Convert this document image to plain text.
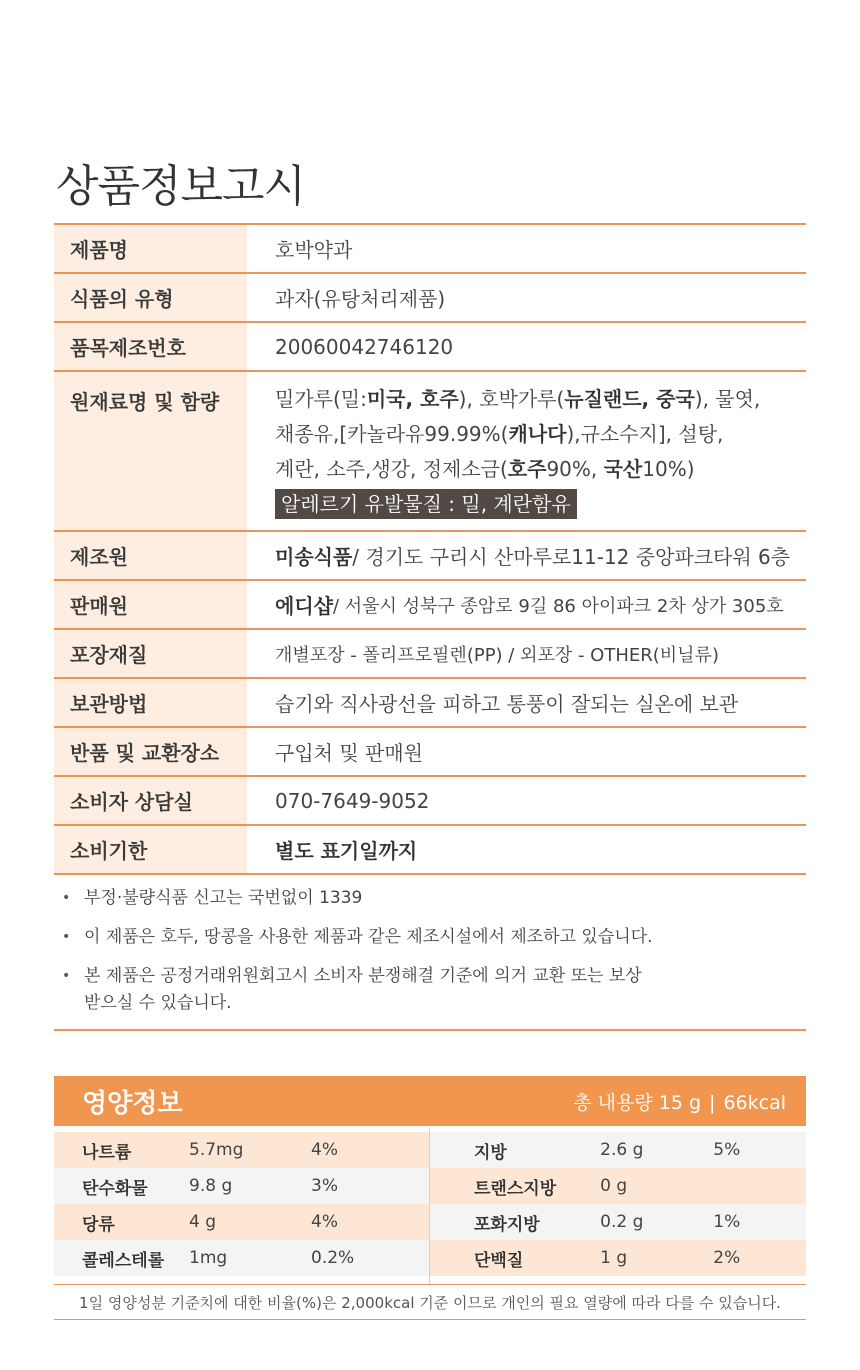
상품정보고시
제품명	호박약과
식품의 유형	과자(유탕처리제품)
품목제조번호	20060042746120
원재료명 및 함량	밀가루(밀:미국, 호주), 호박가루(뉴질랜드, 중국), 물엿,
채종유,[카놀라유99.99%(캐나다),규소수지], 설탕,
계란, 소주,생강, 정제소금(호주90%, 국산10%)
알레르기 유발물질 : 밀, 계란함유
제조원	미송식품 / 경기도 구리시 산마루로11-12 중앙파크타워 6층
판매원	에디샵 / 서울시 성북구 종암로 9길 86 아이파크 2차 상가 305호
포장재질	개별포장 - 폴리프로필렌(PP) / 외포장 - OTHER(비닐류)
보관방법	습기와 직사광선을 피하고 통풍이 잘되는 실온에 보관
반품 및 교환장소	구입처 및 판매원
소비자 상담실	070-7649-9052
소비기한	별도 표기일까지
• 부정·불량식품 신고는 국번없이 1339
• 이 제품은 호두, 땅콩을 사용한 제품과 같은 제조시설에서 제조하고 있습니다.
• 본 제품은 공정거래위원회고시 소비자 분쟁해결 기준에 의거 교환 또는 보상
받으실 수 있습니다.
영양정보	총 내용량 15 g | 66kcal
나트륨	5.7mg	4%
탄수화물	9.8 g	3%
당류	4 g	4%
콜레스테롤	1mg	0.2%
지방	2.6 g	5%
트랜스지방	0 g
포화지방	0.2 g	1%
단백질	1 g	2%
1일 영양성분 기준치에 대한 비율(%)은 2,000kcal 기준 이므로 개인의 필요 열량에 따라 다를 수 있습니다.
